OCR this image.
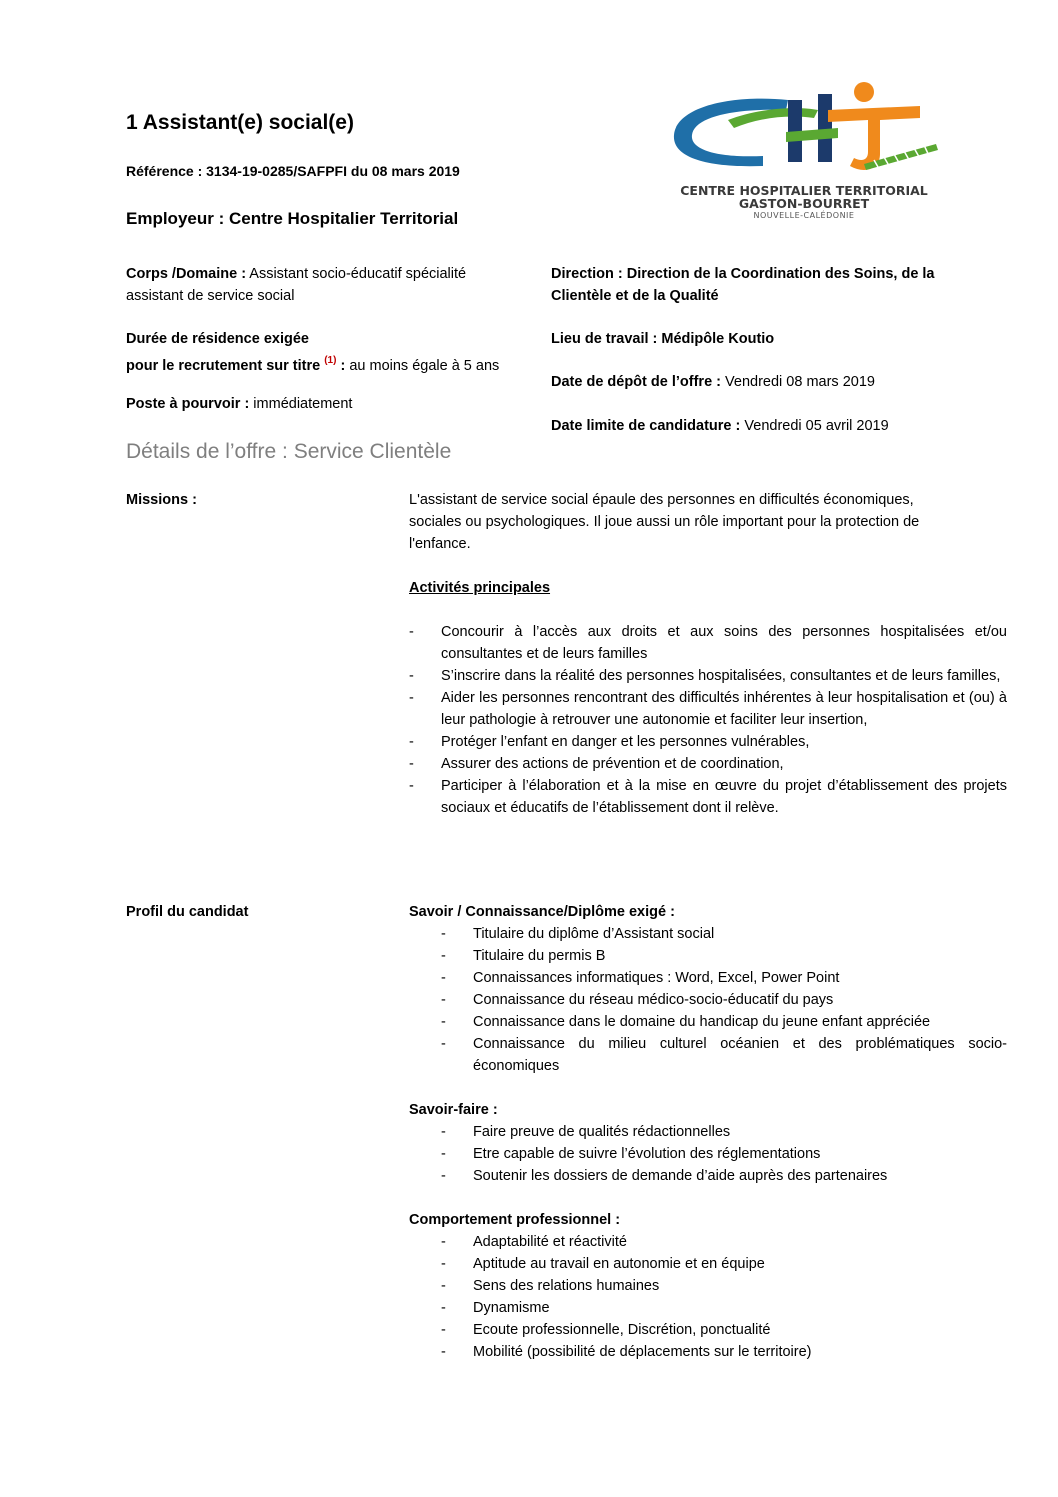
1 Assistant(e) social(e)
Référence : 3134-19-0285/SAFPFI du 08 mars 2019
Employeur : Centre Hospitalier Territorial
CENTRE HOSPITALIER TERRITORIAL
GASTON-BOURRET
NOUVELLE-CALÉDONIE
Corps /Domaine : Assistant socio-éducatif spécialité
assistant de service social
Durée de résidence exigée
pour le recrutement sur titre $^{(1)}$ : au moins égale à 5 ans
Poste à pourvoir : immédiatement
Direction : Direction de la Coordination des Soins, de la
Clientèle et de la Qualité
Lieu de travail : Médipôle Koutio
Date de dépôt de l’offre : Vendredi 08 mars 2019
Date limite de candidature : Vendredi 05 avril 2019
Détails de l’offre : Service Clientèle
Missions :	L'assistant de service social épaule des personnes en difficultés économiques,

sociales ou psychologiques. Il joue aussi un rôle important pour la protection de

l'enfance.

Activités principales

- Concourir à l’accès aux droits et aux soins des personnes hospitalisées et/ou consultantes et de leurs familles
- S’inscrire dans la réalité des personnes hospitalisées, consultantes et de leurs familles,
- Aider les personnes rencontrant des difficultés inhérentes à leur hospitalisation et (ou) à leur pathologie à retrouver une autonomie et faciliter leur insertion,
- Protéger l’enfant en danger et les personnes vulnérables,
- Assurer des actions de prévention et de coordination,
- Participer à l’élaboration et à la mise en œuvre du projet d’établissement des projets sociaux et éducatifs de l’établissement dont il relève.
Profil du candidat	Savoir / Connaissance/Diplôme exigé :

- Titulaire du diplôme d’Assistant social
- Titulaire du permis B
- Connaissances informatiques : Word, Excel, Power Point
- Connaissance du réseau médico-socio-éducatif du pays
- Connaissance dans le domaine du handicap du jeune enfant appréciée
- Connaissance du milieu culturel océanien et des problématiques socio-économiques

Savoir-faire :

- Faire preuve de qualités rédactionnelles
- Etre capable de suivre l’évolution des réglementations
- Soutenir les dossiers de demande d’aide auprès des partenaires

Comportement professionnel :

- Adaptabilité et réactivité
- Aptitude au travail en autonomie et en équipe
- Sens des relations humaines
- Dynamisme
- Ecoute professionnelle, Discrétion, ponctualité
- Mobilité (possibilité de déplacements sur le territoire)
